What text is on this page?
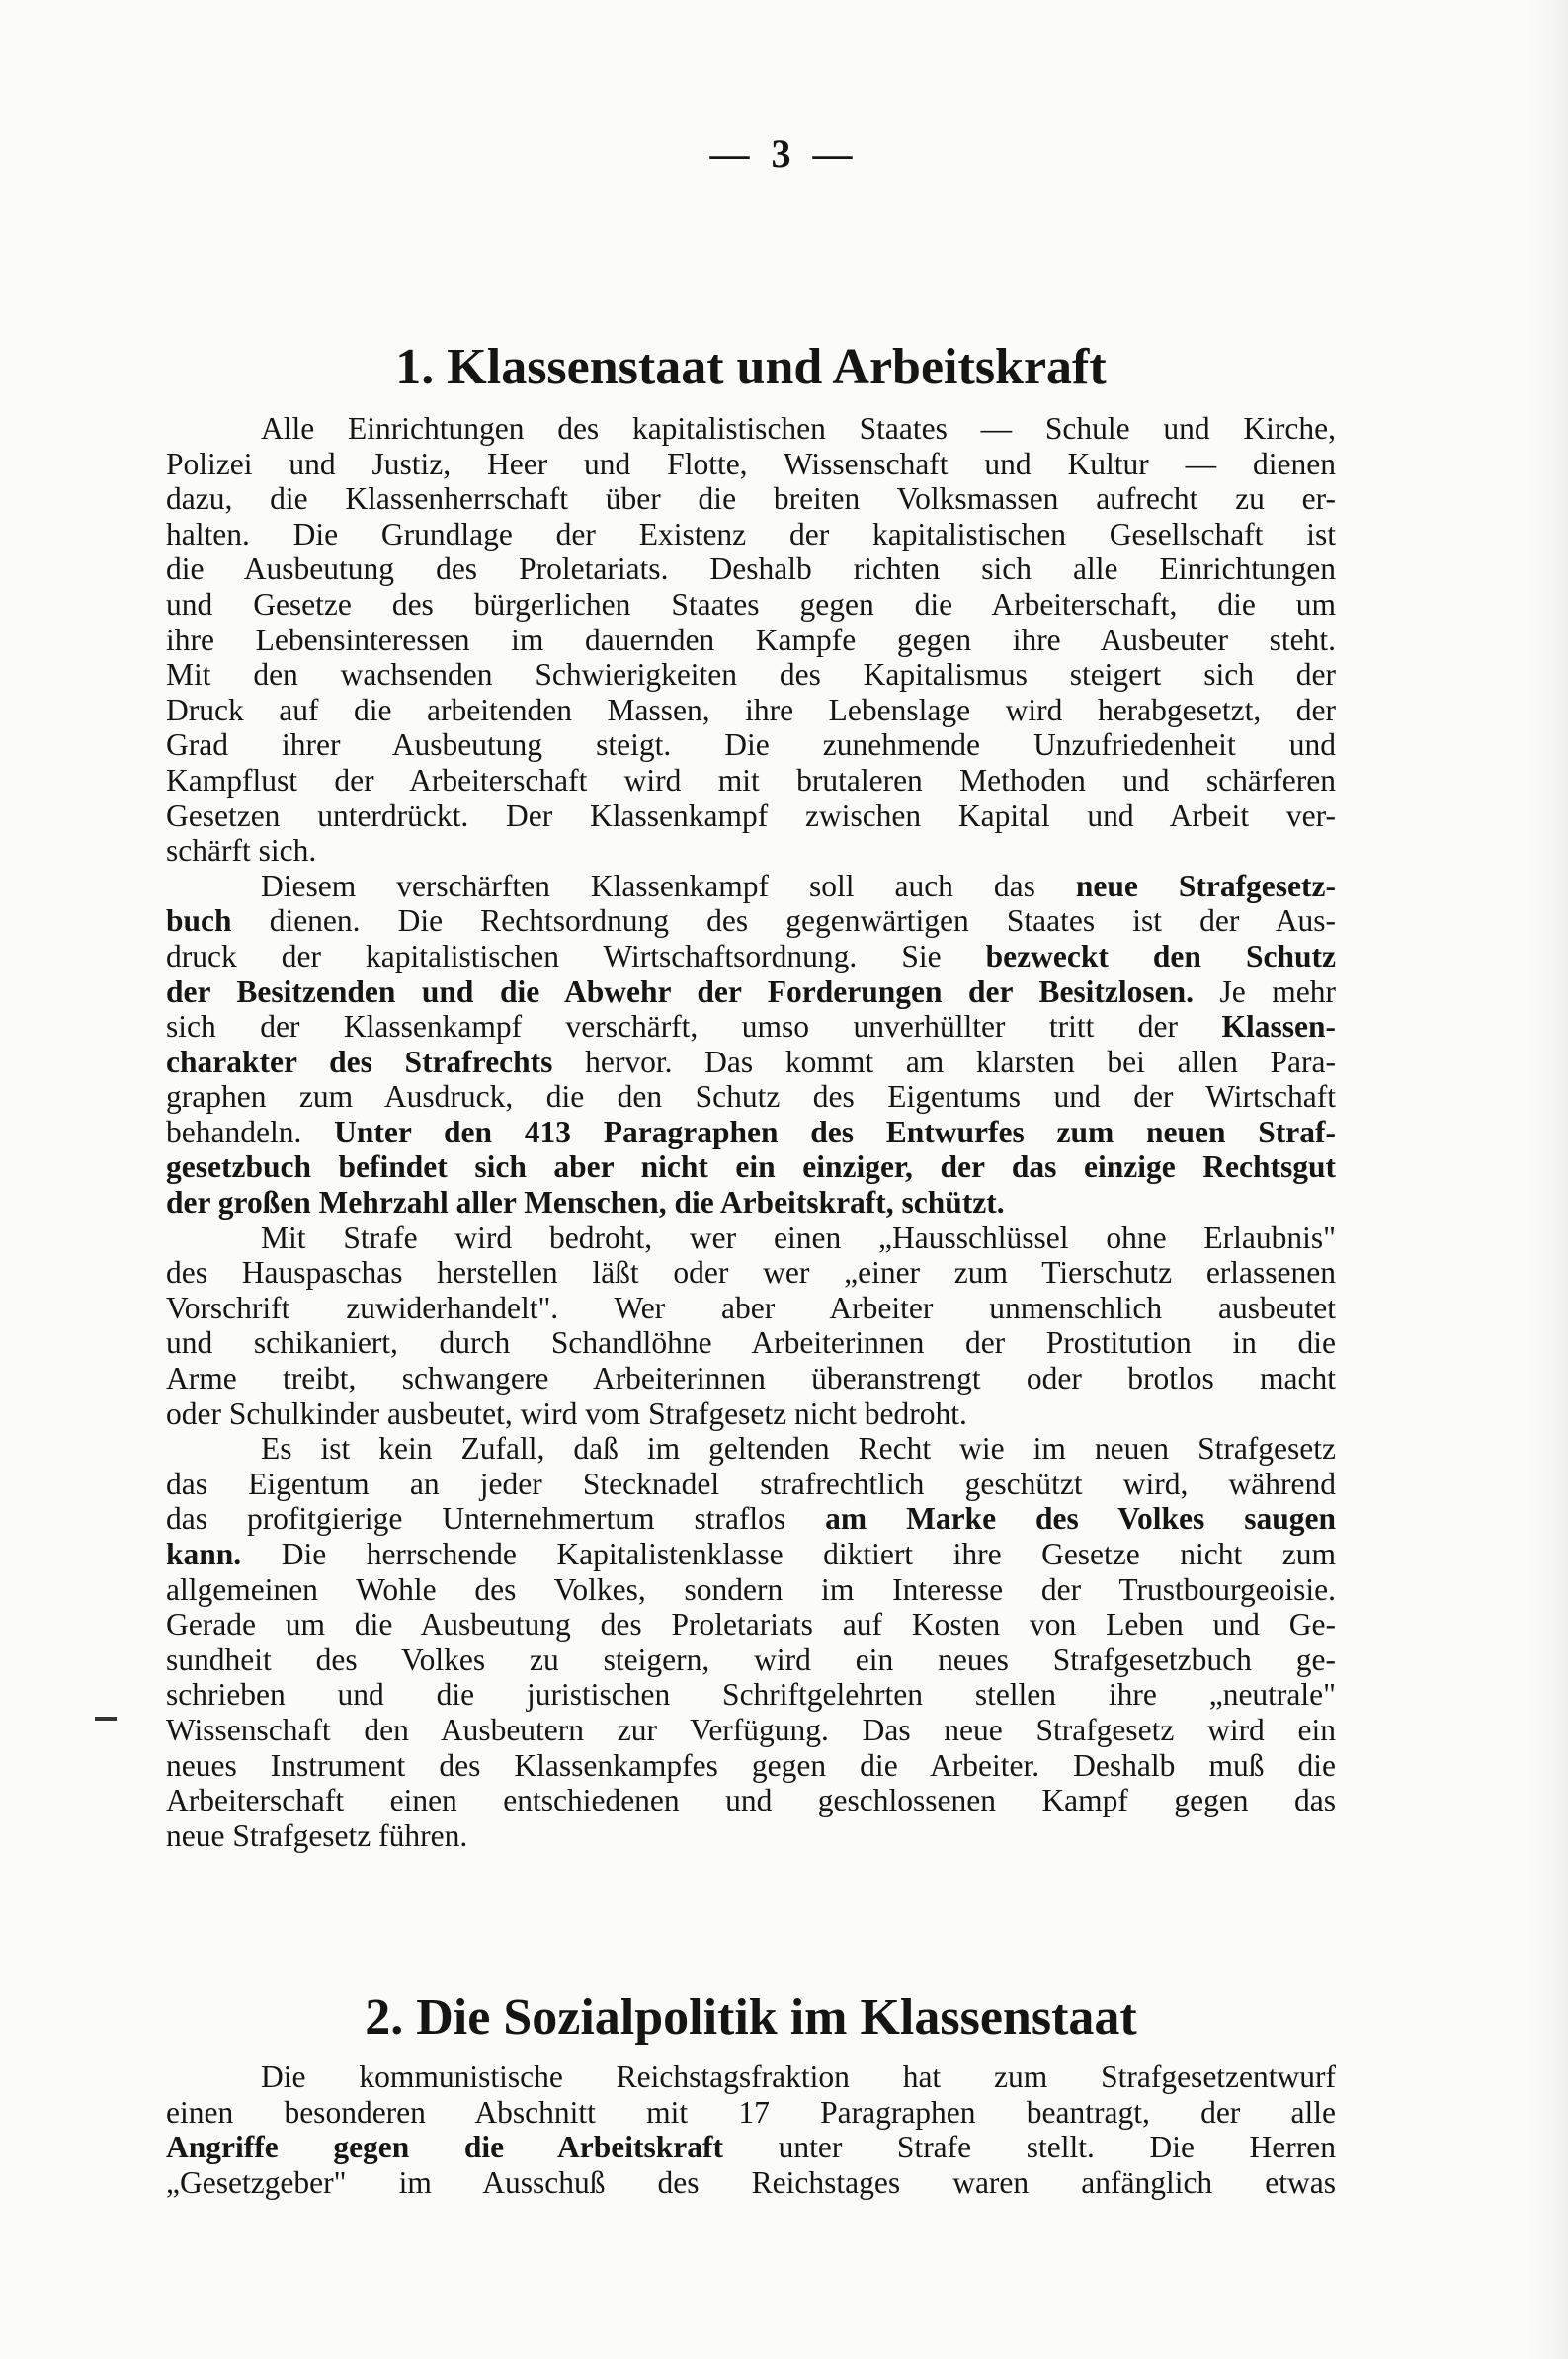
— 3 —
1. Klassenstaat und Arbeitskraft
Alle Einrichtungen des kapitalistischen Staates — Schule und Kirche,
Polizei und Justiz, Heer und Flotte, Wissenschaft und Kultur — dienen
dazu, die Klassenherrschaft über die breiten Volksmassen aufrecht zu er-
halten. Die Grundlage der Existenz der kapitalistischen Gesellschaft ist
die Ausbeutung des Proletariats. Deshalb richten sich alle Einrichtungen
und Gesetze des bürgerlichen Staates gegen die Arbeiterschaft, die um
ihre Lebensinteressen im dauernden Kampfe gegen ihre Ausbeuter steht.
Mit den wachsenden Schwierigkeiten des Kapitalismus steigert sich der
Druck auf die arbeitenden Massen, ihre Lebenslage wird herabgesetzt, der
Grad ihrer Ausbeutung steigt. Die zunehmende Unzufriedenheit und
Kampflust der Arbeiterschaft wird mit brutaleren Methoden und schärferen
Gesetzen unterdrückt. Der Klassenkampf zwischen Kapital und Arbeit ver-
schärft sich.
Diesem verschärften Klassenkampf soll auch das neue Strafgesetz-
buch dienen. Die Rechtsordnung des gegenwärtigen Staates ist der Aus-
druck der kapitalistischen Wirtschaftsordnung. Sie bezweckt den Schutz
der Besitzenden und die Abwehr der Forderungen der Besitzlosen. Je mehr
sich der Klassenkampf verschärft, umso unverhüllter tritt der Klassen-
charakter des Strafrechts hervor. Das kommt am klarsten bei allen Para-
graphen zum Ausdruck, die den Schutz des Eigentums und der Wirtschaft
behandeln. Unter den 413 Paragraphen des Entwurfes zum neuen Straf-
gesetzbuch befindet sich aber nicht ein einziger, der das einzige Rechtsgut
der großen Mehrzahl aller Menschen, die Arbeitskraft, schützt.
Mit Strafe wird bedroht, wer einen „Hausschlüssel ohne Erlaubnis"
des Hauspaschas herstellen läßt oder wer „einer zum Tierschutz erlassenen
Vorschrift zuwiderhandelt". Wer aber Arbeiter unmenschlich ausbeutet
und schikaniert, durch Schandlöhne Arbeiterinnen der Prostitution in die
Arme treibt, schwangere Arbeiterinnen überanstrengt oder brotlos macht
oder Schulkinder ausbeutet, wird vom Strafgesetz nicht bedroht.
Es ist kein Zufall, daß im geltenden Recht wie im neuen Strafgesetz
das Eigentum an jeder Stecknadel strafrechtlich geschützt wird, während
das profitgierige Unternehmertum straflos am Marke des Volkes saugen
kann. Die herrschende Kapitalistenklasse diktiert ihre Gesetze nicht zum
allgemeinen Wohle des Volkes, sondern im Interesse der Trustbourgeoisie.
Gerade um die Ausbeutung des Proletariats auf Kosten von Leben und Ge-
sundheit des Volkes zu steigern, wird ein neues Strafgesetzbuch ge-
schrieben und die juristischen Schriftgelehrten stellen ihre „neutrale"
Wissenschaft den Ausbeutern zur Verfügung. Das neue Strafgesetz wird ein
neues Instrument des Klassenkampfes gegen die Arbeiter. Deshalb muß die
Arbeiterschaft einen entschiedenen und geschlossenen Kampf gegen das
neue Strafgesetz führen.
2. Die Sozialpolitik im Klassenstaat
Die kommunistische Reichstagsfraktion hat zum Strafgesetzentwurf
einen besonderen Abschnitt mit 17 Paragraphen beantragt, der alle
Angriffe gegen die Arbeitskraft unter Strafe stellt. Die Herren
„Gesetzgeber" im Ausschuß des Reichstages waren anfänglich etwas
